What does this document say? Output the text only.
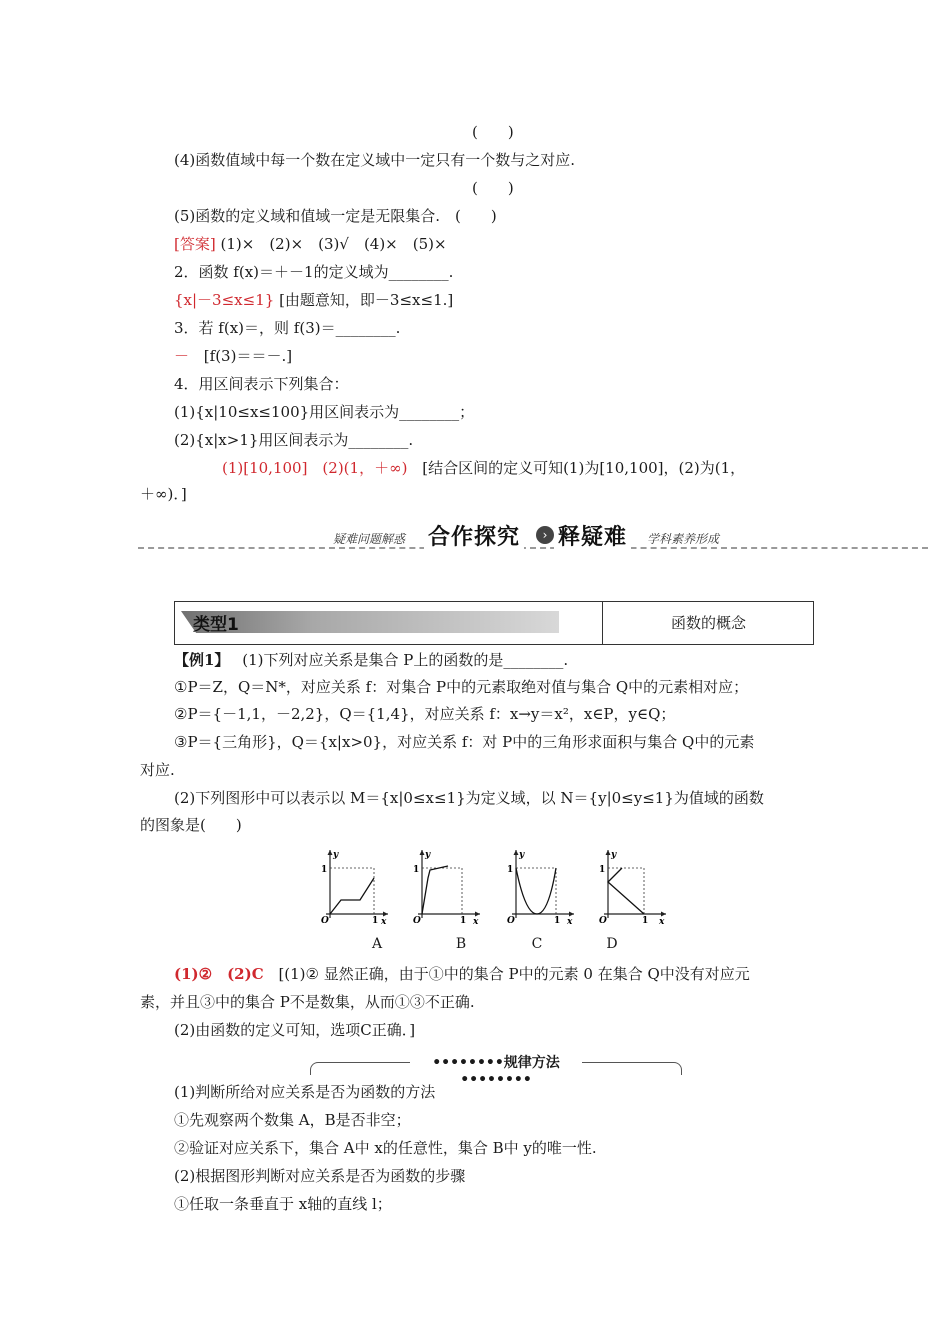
(　　)
(4)函数值域中每一个数在定义域中一定只有一个数与之对应.
(　　)
(5)函数的定义域和值域一定是无限集合.　(　　)
[答案] (1)×　(2)×　(3)√　(4)×　(5)×
2．函数 f(x)＝＋－1的定义域为________.
{x|－3≤x≤1} [由题意知，即－3≤x≤1.]
3．若 f(x)＝，则 f(3)＝________.
－ [f(3)＝＝－.]
4．用区间表示下列集合：
(1){x|10≤x≤100}用区间表示为________；
(2){x|x>1}用区间表示为________.
(1)[10,100]　(2)(1，＋∞) [结合区间的定义可知(1)为[10,100]，(2)为(1，
＋∞)．]
疑难问题解惑 合作探究	› 释疑难	学科素养形成
类型1	函数的概念
【例1】 (1)下列对应关系是集合 P上的函数的是________.
①P＝Z，Q＝N*，对应关系 f：对集合 P中的元素取绝对值与集合 Q中的元素相对应；
②P＝{－1,1，－2,2}，Q＝{1,4}，对应关系 f：x→y＝x²，x∈P，y∈Q；
③P＝{三角形}，Q＝{x|x>0}，对应关系 f：对 P中的三角形求面积与集合 Q中的元素
对应.
(2)下列图形中可以表示以 M＝{x|0≤x≤1}为定义域，以 N＝{y|0≤y≤1}为值域的函数
的图象是(　　)
y
1
O	1 x
y
1
O	1 x
y
1
O	1 x
y
1
O	1 x
A	B	C	D
(1)②　(2)C [(1)② 显然正确，由于①中的集合 P中的元素 0 在集合 Q中没有对应元
素，并且③中的集合 P不是数集，从而①③不正确.
(2)由函数的定义可知，选项C正确．]
••••••••规律方法••••••••
(1)判断所给对应关系是否为函数的方法
①先观察两个数集 A，B是否非空；
②验证对应关系下，集合 A中 x的任意性，集合 B中 y的唯一性.
(2)根据图形判断对应关系是否为函数的步骤
①任取一条垂直于 x轴的直线 l；
